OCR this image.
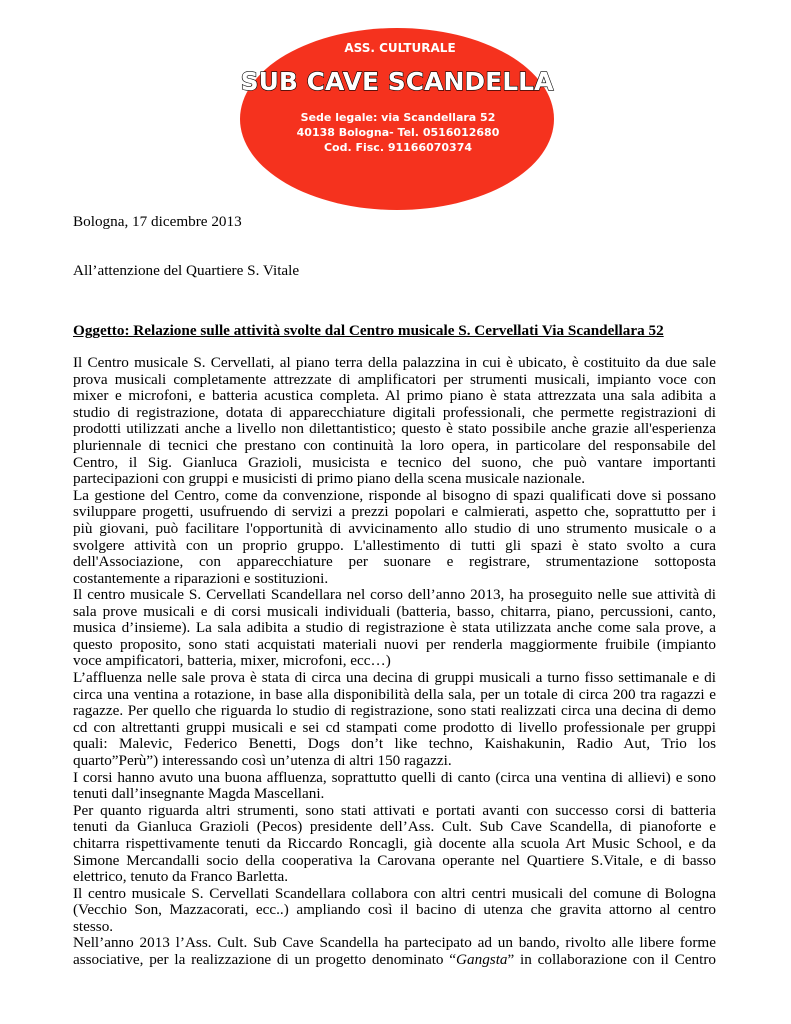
ASS. CULTURALE
SUB CAVE SCANDELLA
Sede legale: via Scandellara 52
40138 Bologna- Tel. 0516012680
Cod. Fisc. 91166070374
Bologna, 17 dicembre 2013
All’attenzione del Quartiere S. Vitale
Oggetto: Relazione sulle attività svolte dal Centro musicale S. Cervellati Via Scandellara 52
Il Centro musicale S. Cervellati, al piano terra della palazzina in cui è ubicato, è costituito da due sale
prova musicali completamente attrezzate di amplificatori per strumenti musicali, impianto voce con
mixer e microfoni, e batteria acustica completa. Al primo piano è stata attrezzata una sala adibita a
studio di registrazione, dotata di apparecchiature digitali professionali, che permette registrazioni di
prodotti utilizzati anche a livello non dilettantistico; questo è stato possibile anche grazie all'esperienza
pluriennale di tecnici che prestano con continuità la loro opera, in particolare del responsabile del
Centro, il Sig. Gianluca Grazioli, musicista e tecnico del suono, che può vantare importanti
partecipazioni con gruppi e musicisti di primo piano della scena musicale nazionale.
La gestione del Centro, come da convenzione, risponde al bisogno di spazi qualificati dove si possano
sviluppare progetti, usufruendo di servizi a prezzi popolari e calmierati, aspetto che, soprattutto per i
più giovani, può facilitare l'opportunità di avvicinamento allo studio di uno strumento musicale o a
svolgere attività con un proprio gruppo. L'allestimento di tutti gli spazi è stato svolto a cura
dell'Associazione, con apparecchiature per suonare e registrare, strumentazione sottoposta
costantemente a riparazioni e sostituzioni.
Il centro musicale S. Cervellati Scandellara nel corso dell’anno 2013, ha proseguito nelle sue attività di
sala prove musicali e di corsi musicali individuali (batteria, basso, chitarra, piano, percussioni, canto,
musica d’insieme). La sala adibita a studio di registrazione è stata utilizzata anche come sala prove, a
questo proposito, sono stati acquistati materiali nuovi per renderla maggiormente fruibile (impianto
voce ampificatori, batteria, mixer, microfoni, ecc…)
L’affluenza nelle sale prova è stata di circa una decina di gruppi musicali a turno fisso settimanale e di
circa una ventina a rotazione, in base alla disponibilità della sala, per un totale di circa 200 tra ragazzi e
ragazze. Per quello che riguarda lo studio di registrazione, sono stati realizzati circa una decina di demo
cd con altrettanti gruppi musicali e sei cd stampati come prodotto di livello professionale per gruppi
quali: Malevic, Federico Benetti, Dogs don’t like techno, Kaishakunin, Radio Aut, Trio los
quarto”Perù”) interessando così un’utenza di altri 150 ragazzi.
I corsi hanno avuto una buona affluenza, soprattutto quelli di canto (circa una ventina di allievi) e sono
tenuti dall’insegnante Magda Mascellani.
Per quanto riguarda altri strumenti, sono stati attivati e portati avanti con successo corsi di batteria
tenuti da Gianluca Grazioli (Pecos) presidente dell’Ass. Cult. Sub Cave Scandella, di pianoforte e
chitarra rispettivamente tenuti da Riccardo Roncagli, già docente alla scuola Art Music School, e da
Simone Mercandalli socio della cooperativa la Carovana operante nel Quartiere S.Vitale, e di basso
elettrico, tenuto da Franco Barletta.
Il centro musicale S. Cervellati Scandellara collabora con altri centri musicali del comune di Bologna
(Vecchio Son, Mazzacorati, ecc..) ampliando così il bacino di utenza che gravita attorno al centro
stesso.
Nell’anno 2013 l’Ass. Cult. Sub Cave Scandella ha partecipato ad un bando, rivolto alle libere forme
associative, per la realizzazione di un progetto denominato “Gangsta” in collaborazione con il Centro
